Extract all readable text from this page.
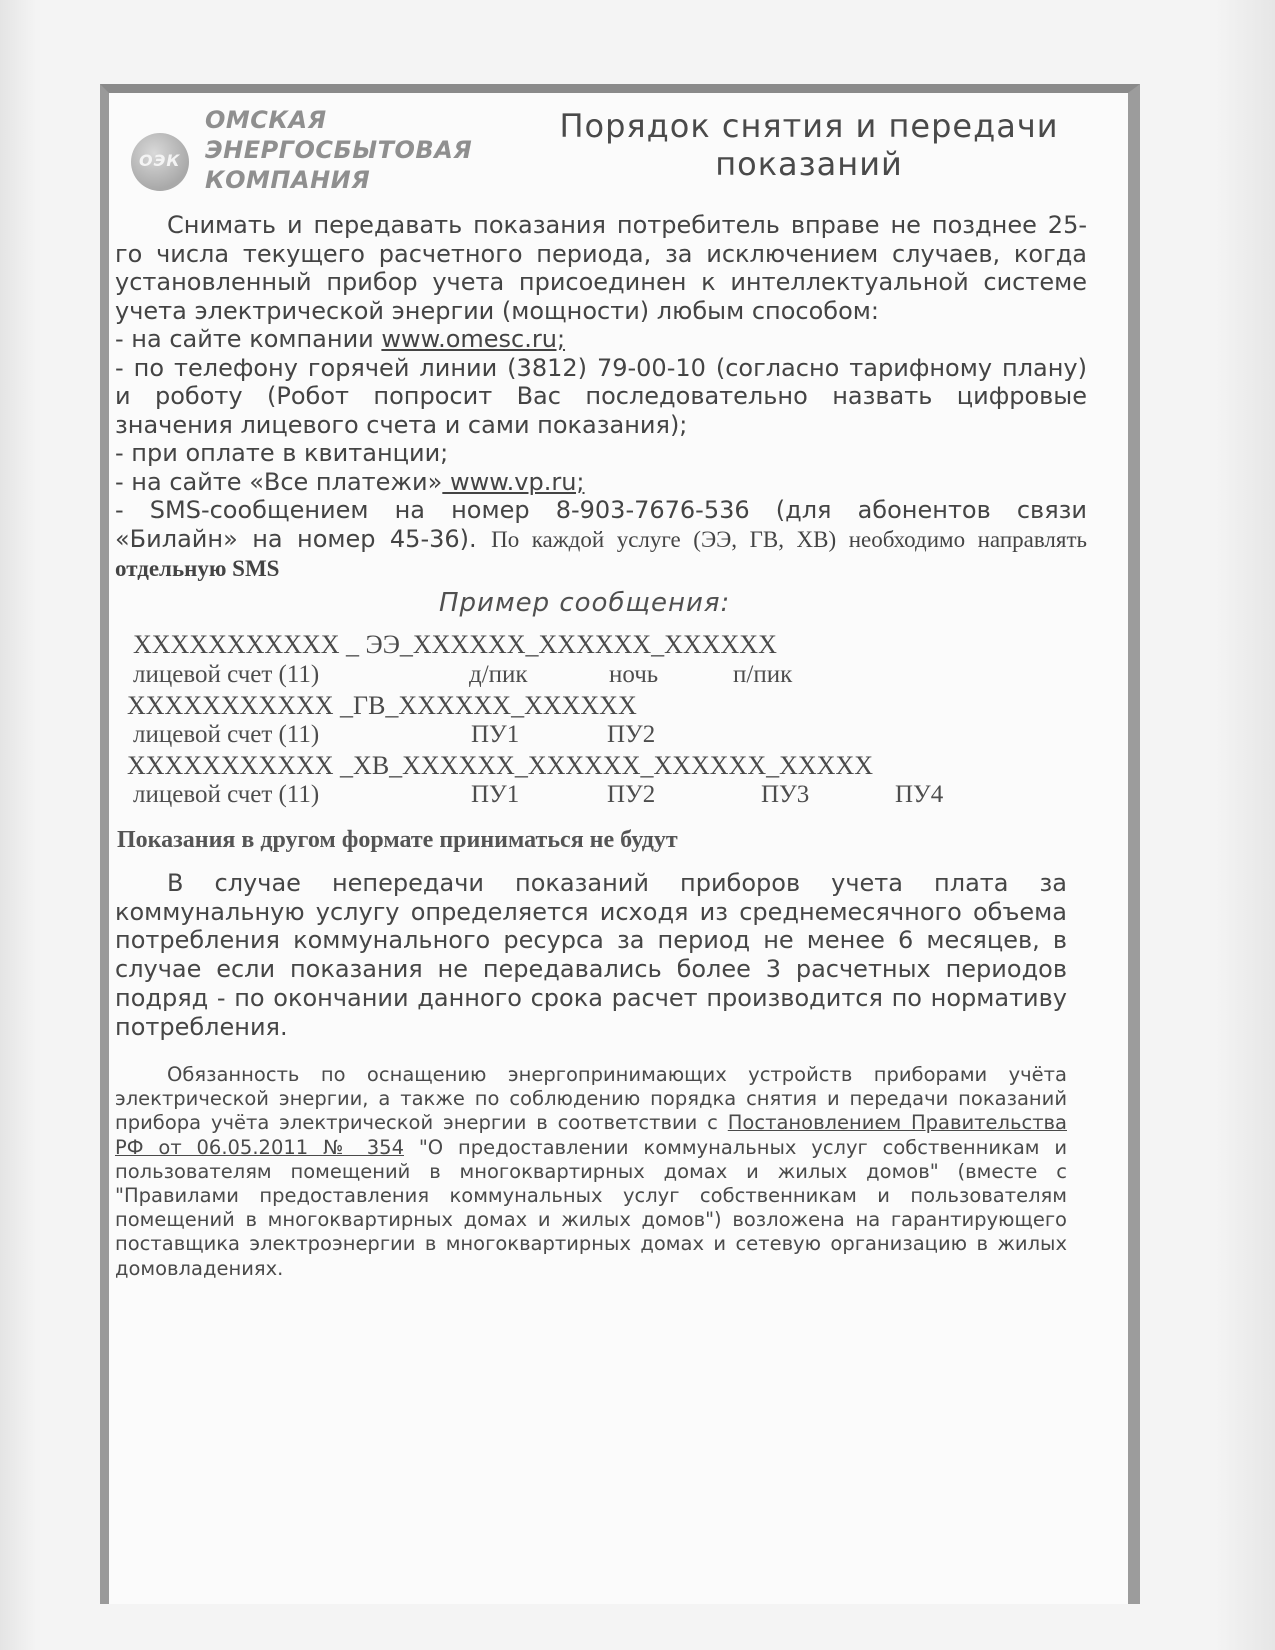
ОЭК
ОМСКАЯ
ЭНЕРГОСБЫТОВАЯ
КОМПАНИЯ
Порядок снятия и передачи
показаний

Снимать и передавать показания потребитель вправе не позднее 25-го числа текущего расчетного периода, за исключением случаев, когда установленный прибор учета присоединен к интеллектуальной системе учета электрической энергии (мощности) любым способом:

- на сайте компании www.omesc.ru;

- по телефону горячей линии (3812) 79-00-10 (согласно тарифному плану) и роботу (Робот попросит Вас последовательно назвать цифровые значения лицевого счета и сами показания);

- при оплате в квитанции;

- на сайте «Все платежи» www.vp.ru;

- SMS-сообщением на номер 8-903-7676-536 (для абонентов связи «Билайн» на номер 45-36). По каждой услуге (ЭЭ, ГВ, ХВ) необходимо направлять отдельную SMS

Пример сообщения:
ХХХХХХХХХХХ _ ЭЭ_ХХХХХХ_ХХХХХХ_ХХХХХХ
лицевой счет (11)	д/пик	ночь	п/пик
ХХХХХХХХХХХ _ГВ_ХХХХХХ_ХХХХХХ
лицевой счет (11)	ПУ1	ПУ2
ХХХХХХХХХХХ _ХВ_ХХХХХХ_ХХХХХХ_ХХХХХХ_ХХХХХ
лицевой счет (11)	ПУ1	ПУ2	ПУ3	ПУ4
Показания в другом формате приниматься не будут

В случае непередачи показаний приборов учета плата за коммунальную услугу определяется исходя из среднемесячного объема потребления коммунального ресурса за период не менее 6 месяцев, в случае если показания не передавались более 3 расчетных периодов подряд - по окончании данного срока расчет производится по нормативу потребления.

Обязанность по оснащению энергопринимающих устройств приборами учёта электрической энергии, а также по соблюдению порядка снятия и передачи показаний прибора учёта электрической энергии в соответствии с Постановлением Правительства РФ от 06.05.2011 № 354 "О предоставлении коммунальных услуг собственникам и пользователям помещений в многоквартирных домах и жилых домов" (вместе с "Правилами предоставления коммунальных услуг собственникам и пользователям помещений в многоквартирных домах и жилых домов") возложена на гарантирующего поставщика электроэнергии в многоквартирных домах и сетевую организацию в жилых домовладениях.
